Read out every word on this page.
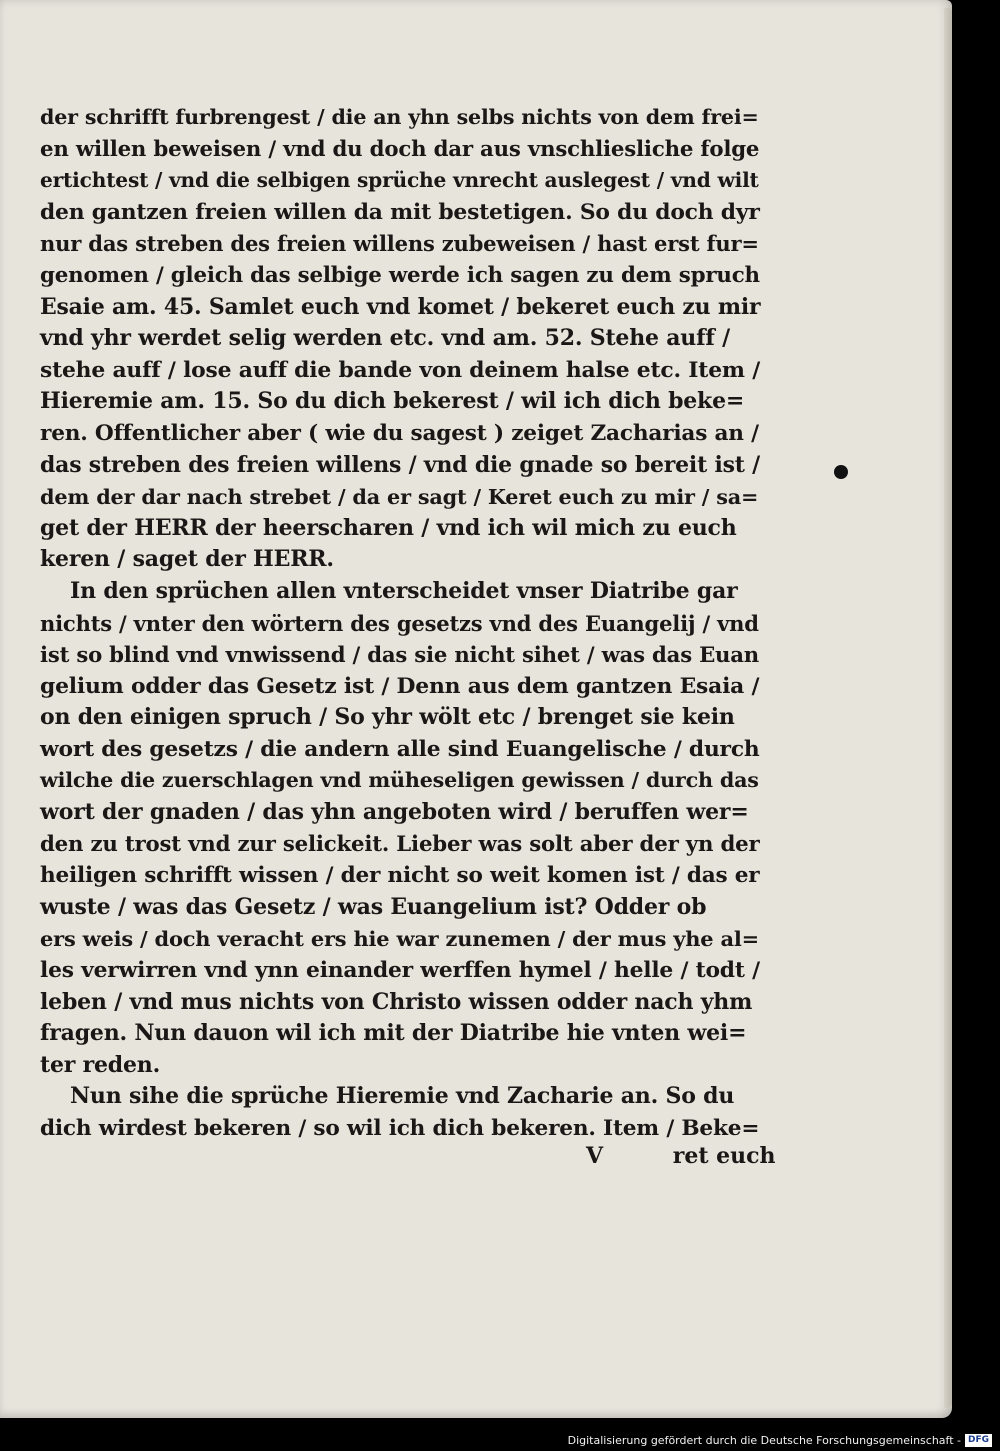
der schrifft furbrengest / die an yhn selbs nichts von dem frei=
en willen beweisen / vnd du doch dar aus vnschliesliche folge
ertichtest / vnd die selbigen sprüche vnrecht auslegest / vnd wilt
den gantzen freien willen da mit bestetigen. So du doch dyr
nur das streben des freien willens zubeweisen / hast erst fur=
genomen / gleich das selbige werde ich sagen zu dem spruch
Esaie am. 45. Samlet euch vnd komet / bekeret euch zu mir
vnd yhr werdet selig werden etc. vnd am. 52. Stehe auff /
stehe auff / lose auff die bande von deinem halse etc. Item /
Hieremie am. 15. So du dich bekerest / wil ich dich beke=
ren. Offentlicher aber ( wie du sagest ) zeiget Zacharias an /
das streben des freien willens / vnd die gnade so bereit ist /
dem der dar nach strebet / da er sagt / Keret euch zu mir / sa=
get der HERR der heerscharen / vnd ich wil mich zu euch
keren / saget der HERR.
In den sprüchen allen vnterscheidet vnser Diatribe gar
nichts / vnter den wörtern des gesetzs vnd des Euangelij / vnd
ist so blind vnd vnwissend / das sie nicht sihet / was das Euan
gelium odder das Gesetz ist / Denn aus dem gantzen Esaia /
on den einigen spruch / So yhr wölt etc / brenget sie kein
wort des gesetzs / die andern alle sind Euangelische / durch
wilche die zuerschlagen vnd müheseligen gewissen / durch das
wort der gnaden / das yhn angeboten wird / beruffen wer=
den zu trost vnd zur selickeit. Lieber was solt aber der yn der
heiligen schrifft wissen / der nicht so weit komen ist / das er
wuste / was das Gesetz / was Euangelium ist? Odder ob
ers weis / doch veracht ers hie war zunemen / der mus yhe al=
les verwirren vnd ynn einander werffen hymel / helle / todt /
leben / vnd mus nichts von Christo wissen odder nach yhm
fragen. Nun dauon wil ich mit der Diatribe hie vnten wei=
ter reden.
Nun sihe die sprüche Hieremie vnd Zacharie an. So du
dich wirdest bekeren / so wil ich dich bekeren. Item / Beke=
V	ret euch
Digitalisierung gefördert durch die Deutsche Forschungsgemeinschaft - DFG
